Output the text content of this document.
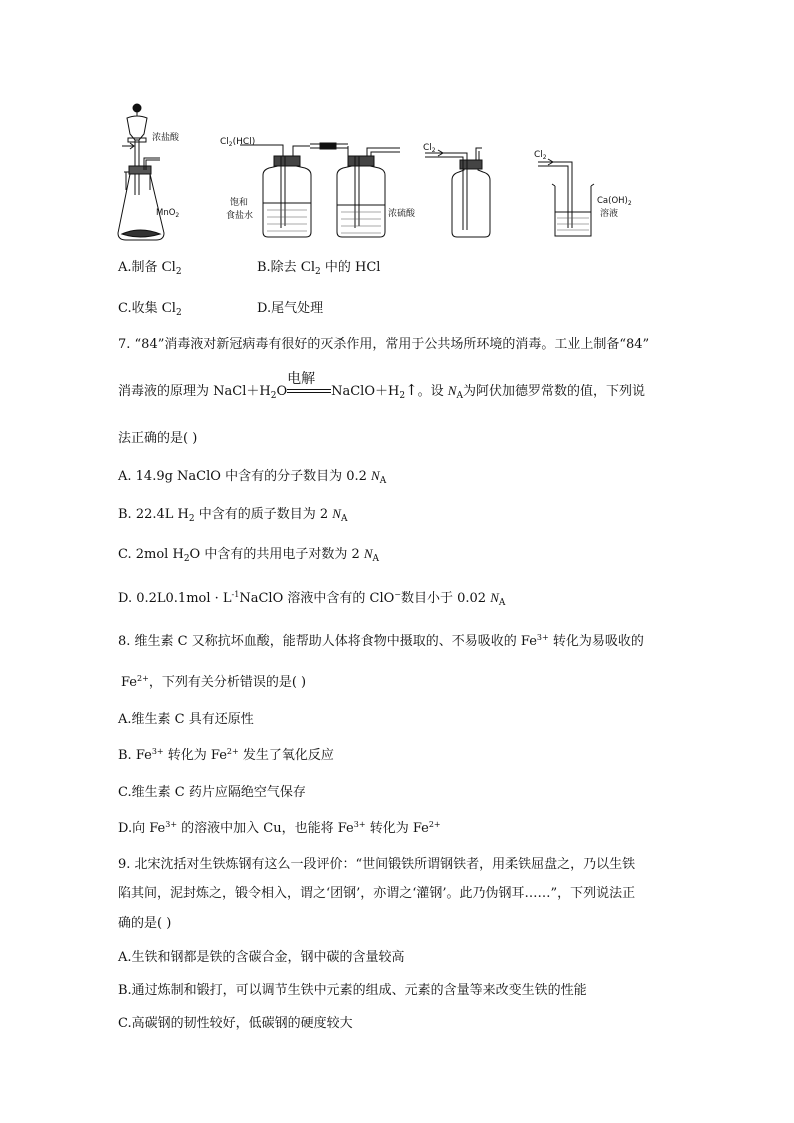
浓盐酸
MnO$_2$
$Cl_2(HCl)$
饱和
食盐水	浓硫酸
$Cl_2$	$Cl_2$
$Ca(OH)_2$
溶液
A.制备 $Cl_2$	B.除去 $Cl_2$ 中的 HCl
C.收集 $Cl_2$	D.尾气处理
7. “84”消毒液对新冠病毒有很好的灭杀作用，常用于公共场所环境的消毒。工业上制备“84”
消毒液的原理为 $NaCl+H_2O$
电解
$NaClO+H_2↑$。设 $N_A$为阿伏加德罗常数的值，下列说
法正确的是( )
A. 14.9g NaClO 中含有的分子数目为 0.2 $N_A$
B. 22.4L $H_2$ 中含有的质子数目为 2 $N_A$
C. 2mol $H_2O$ 中含有的共用电子对数为 2 $N_A$
D. $0.2L0.1mol \cdot L^{-1}NaClO$ 溶液中含有的 ClO−数目小于 0.02 $N_A$
8. 维生素 C 又称抗坏血酸，能帮助人体将食物中摄取的、不易吸收的 $Fe^{3+}$ 转化为易吸收的
$Fe^{2+}$，下列有关分析错误的是( )
A.维生素 C 具有还原性
B. $Fe^{3+}$ 转化为 $Fe^{2+}$ 发生了氧化反应
C.维生素 C 药片应隔绝空气保存
D.向 $Fe^{3+}$ 的溶液中加入 Cu，也能将 $Fe^{3+}$ 转化为 $Fe^{2+}$
9. 北宋沈括对生铁炼钢有这么一段评价：“世间锻铁所谓钢铁者，用柔铁屈盘之，乃以生铁
陷其间，泥封炼之，锻令相入，谓之‘团钢’，亦谓之‘灌钢’。此乃伪钢耳……”，下列说法正
确的是( )
A.生铁和钢都是铁的含碳合金，钢中碳的含量较高
B.通过炼制和锻打，可以调节生铁中元素的组成、元素的含量等来改变生铁的性能
C.高碳钢的韧性较好，低碳钢的硬度较大
